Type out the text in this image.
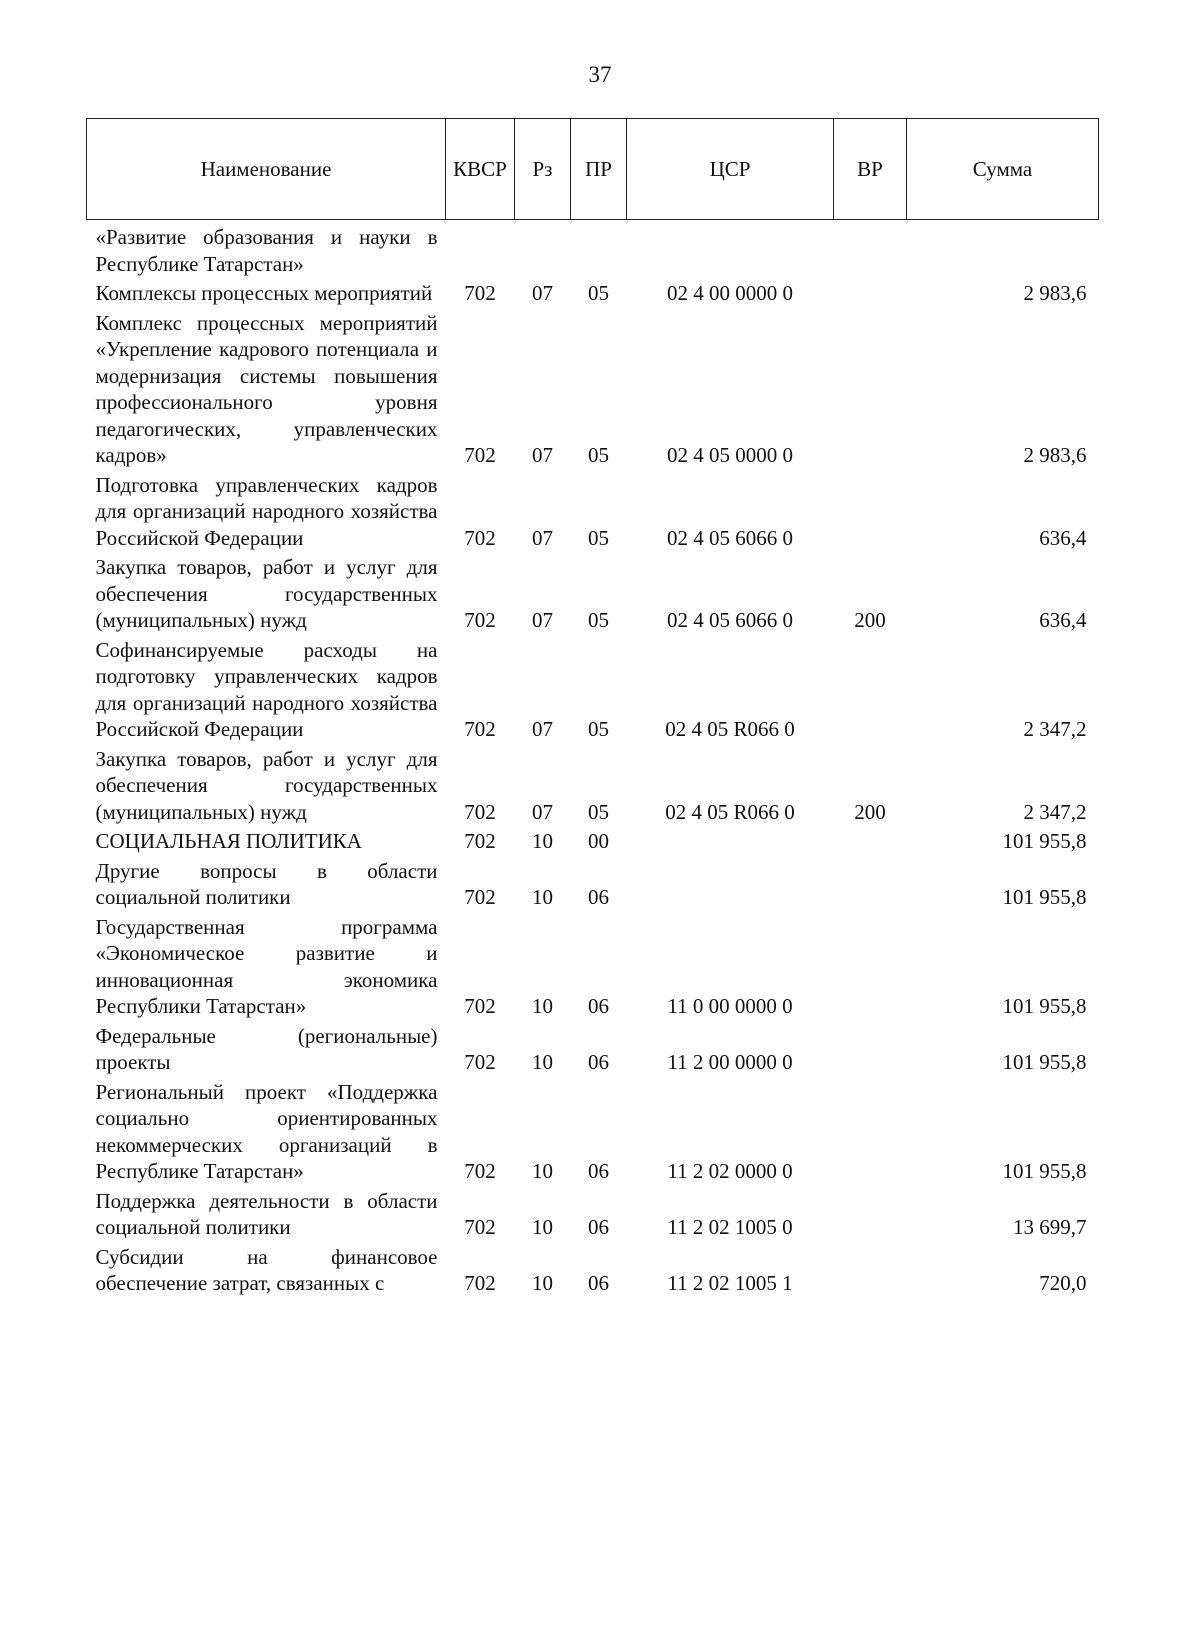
37
Наименование	КВСР	Рз	ПР	ЦСР	ВР	Сумма
«Развитие образования и науки в Республике Татарстан»						
Комплексы процессных мероприятий	702	07	05	02 4 00 0000 0		2 983,6
Комплекс процессных мероприятий «Укрепление кадрового потенциала и модернизация системы повышения профессионального уровня педагогических, управленческих кадров»	702	07	05	02 4 05 0000 0		2 983,6
Подготовка управленческих кадров для организаций народного хозяйства Российской Федерации	702	07	05	02 4 05 6066 0		636,4
Закупка товаров, работ и услуг для обеспечения государственных (муниципальных) нужд	702	07	05	02 4 05 6066 0	200	636,4
Софинансируемые расходы на подготовку управленческих кадров для организаций народного хозяйства Российской Федерации	702	07	05	02 4 05 R066 0		2 347,2
Закупка товаров, работ и услуг для обеспечения государственных (муниципальных) нужд	702	07	05	02 4 05 R066 0	200	2 347,2
СОЦИАЛЬНАЯ ПОЛИТИКА	702	10	00			101 955,8
Другие вопросы в области социальной политики	702	10	06			101 955,8
Государственная программа «Экономическое развитие и инновационная экономика Республики Татарстан»	702	10	06	11 0 00 0000 0		101 955,8
Федеральные (региональные) проекты	702	10	06	11 2 00 0000 0		101 955,8
Региональный проект «Поддержка социально ориентированных некоммерческих организаций в Республике Татарстан»	702	10	06	11 2 02 0000 0		101 955,8
Поддержка деятельности в области социальной политики	702	10	06	11 2 02 1005 0		13 699,7
Субсидии на финансовое обеспечение затрат, связанных с	702	10	06	11 2 02 1005 1		720,0
